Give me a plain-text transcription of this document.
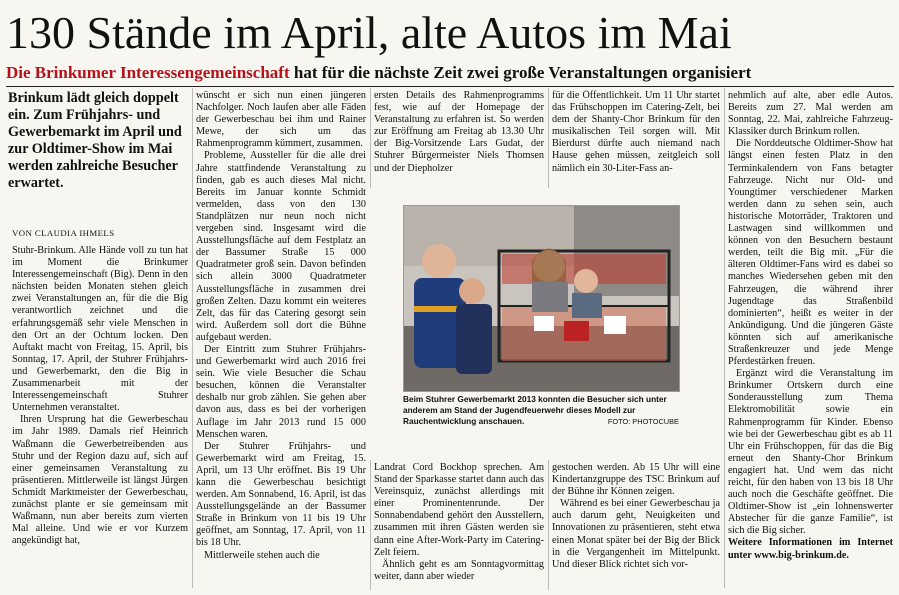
130 Stände im April, alte Autos im Mai
Die Brinkumer Interessengemeinschaft hat für die nächste Zeit zwei große Veranstaltungen organisiert
Brinkum lädt gleich doppelt ein. Zum Frühjahrs- und Gewerbemarkt im April und zur Oldtimer-Show im Mai werden zahlreiche Besucher erwartet.
VON CLAUDIA IHMELS

Stuhr-Brinkum. Alle Hände voll zu tun hat im Moment die Brinkumer Interessengemeinschaft (Big). Denn in den nächsten beiden Monaten stehen gleich zwei Veranstaltungen an, für die die Big verantwortlich zeichnet und die erfahrungsgemäß sehr viele Menschen in den Ort an der Ochtum locken. Den Auftakt macht von Freitag, 15. April, bis Sonntag, 17. April, der Stuhrer Frühjahrs- und Gewerbemarkt, den die Big in Zusammenarbeit mit der Interessengemeinschaft Stuhrer Unternehmen veranstaltet.

Ihren Ursprung hat die Gewerbeschau im Jahr 1989. Damals rief Heinrich Waßmann die Gewerbetreibenden aus Stuhr und der Region dazu auf, sich auf einer gemeinsamen Veranstaltung zu präsentieren. Mittlerweile ist längst Jürgen Schmidt Marktmeister der Gewerbeschau, zunächst plante er sie gemeinsam mit Waßmann, nun aber bereits zum vierten Mal alleine. Und wie er vor Kurzem angekündigt hat,

wünscht er sich nun einen jüngeren Nachfolger. Noch laufen aber alle Fäden der Gewerbeschau bei ihm und Rainer Mewe, der sich um das Rahmenprogramm kümmert, zusammen.

Probleme, Aussteller für die alle drei Jahre stattfindende Veranstaltung zu finden, gab es auch dieses Mal nicht. Bereits im Januar konnte Schmidt vermelden, dass von den 130 Standplätzen nur neun noch nicht vergeben sind. Insgesamt wird die Ausstellungsfläche auf dem Festplatz an der Bassumer Straße 15 000 Quadratmeter groß sein. Davon befinden sich allein 3000 Quadratmeter Ausstellungsfläche in zusammen drei großen Zelten. Dazu kommt ein weiteres Zelt, das für das Catering gesorgt sein wird. Außerdem soll dort die Bühne aufgebaut werden.

Der Eintritt zum Stuhrer Frühjahrs- und Gewerbemarkt wird auch 2016 frei sein. Wie viele Besucher die Schau besuchen, können die Veranstalter deshalb nur grob zählen. Sie gehen aber davon aus, dass es bei der vorherigen Auflage im Jahr 2013 rund 15 000 Menschen waren.

Der Stuhrer Frühjahrs- und Gewerbemarkt wird am Freitag, 15. April, um 13 Uhr eröffnet. Bis 19 Uhr kann die Gewerbeschau besichtigt werden. Am Sonnabend, 16. April, ist das Ausstellungsgelände an der Bassumer Straße in Brinkum von 11 bis 19 Uhr geöffnet, am Sonntag, 17. April, von 11 bis 18 Uhr.

Mittlerweile stehen auch die

ersten Details des Rahmenprogramms fest, wie auf der Homepage der Veranstaltung zu erfahren ist. So werden zur Eröffnung am Freitag ab 13.30 Uhr der Big-Vorsitzende Lars Gudat, der Stuhrer Bürgermeister Niels Thomsen und der Diepholzer

für die Öffentlichkeit. Um 11 Uhr startet das Frühschoppen im Catering-Zelt, bei dem der Shanty-Chor Brinkum für den musikalischen Teil sorgen will. Mit Bierdurst dürfte auch niemand nach Hause gehen müssen, zeitgleich soll nämlich ein 30-Liter-Fass an-

Beim Stuhrer Gewerbemarkt 2013 konnten die Besucher sich unter anderem am Stand der Jugendfeuerwehr dieses Modell zur Rauchentwicklung anschauen.	FOTO: PHOTOCUBE

Landrat Cord Bockhop sprechen. Am Stand der Sparkasse startet dann auch das Vereinsquiz, zunächst allerdings mit einer Prominentenrunde. Der Sonnabendabend gehört den Ausstellern, zusammen mit ihren Gästen werden sie dann eine After-Work-Party im Catering-Zelt feiern.

Ähnlich geht es am Sonntagvormittag weiter, dann aber wieder

gestochen werden. Ab 15 Uhr will eine Kindertanzgruppe des TSC Brinkum auf der Bühne ihr Können zeigen.

Während es bei einer Gewerbeschau ja auch darum geht, Neuigkeiten und Innovationen zu präsentieren, steht etwa einen Monat später bei der Big der Blick in die Vergangenheit im Mittelpunkt. Und dieser Blick richtet sich vor-

nehmlich auf alte, aber edle Autos. Bereits zum 27. Mal werden am Sonntag, 22. Mai, zahlreiche Fahrzeug-Klassiker durch Brinkum rollen.

Die Norddeutsche Oldtimer-Show hat längst einen festen Platz in den Terminkalendern von Fans betagter Fahrzeuge. Nicht nur Old- und Youngtimer verschiedener Marken werden dann zu sehen sein, auch historische Motorräder, Traktoren und Lastwagen sind willkommen und können von den Besuchern bestaunt werden, teilt die Big mit. „Für die älteren Oldtimer-Fans wird es dabei so manches Wiedersehen geben mit den Fahrzeugen, die während ihrer Jugendtage das Straßenbild dominierten“, heißt es weiter in der Ankündigung. Und die jüngeren Gäste könnten sich auf amerikanische Straßenkreuzer und jede Menge Pferdestärken freuen.

Ergänzt wird die Veranstaltung im Brinkumer Ortskern durch eine Sonderausstellung zum Thema Elektromobilität sowie ein Rahmenprogramm für Kinder. Ebenso wie bei der Gewerbeschau gibt es ab 11 Uhr ein Frühschoppen, für das die Big erneut den Shanty-Chor Brinkum engagiert hat. Und wem das nicht reicht, für den haben von 13 bis 18 Uhr auch noch die Geschäfte geöffnet. Die Oldtimer-Show ist „ein lohnenswerter Abstecher für die ganze Familie“, ist sich die Big sicher.

Weitere Informationen im Internet unter www.big-brinkum.de.
